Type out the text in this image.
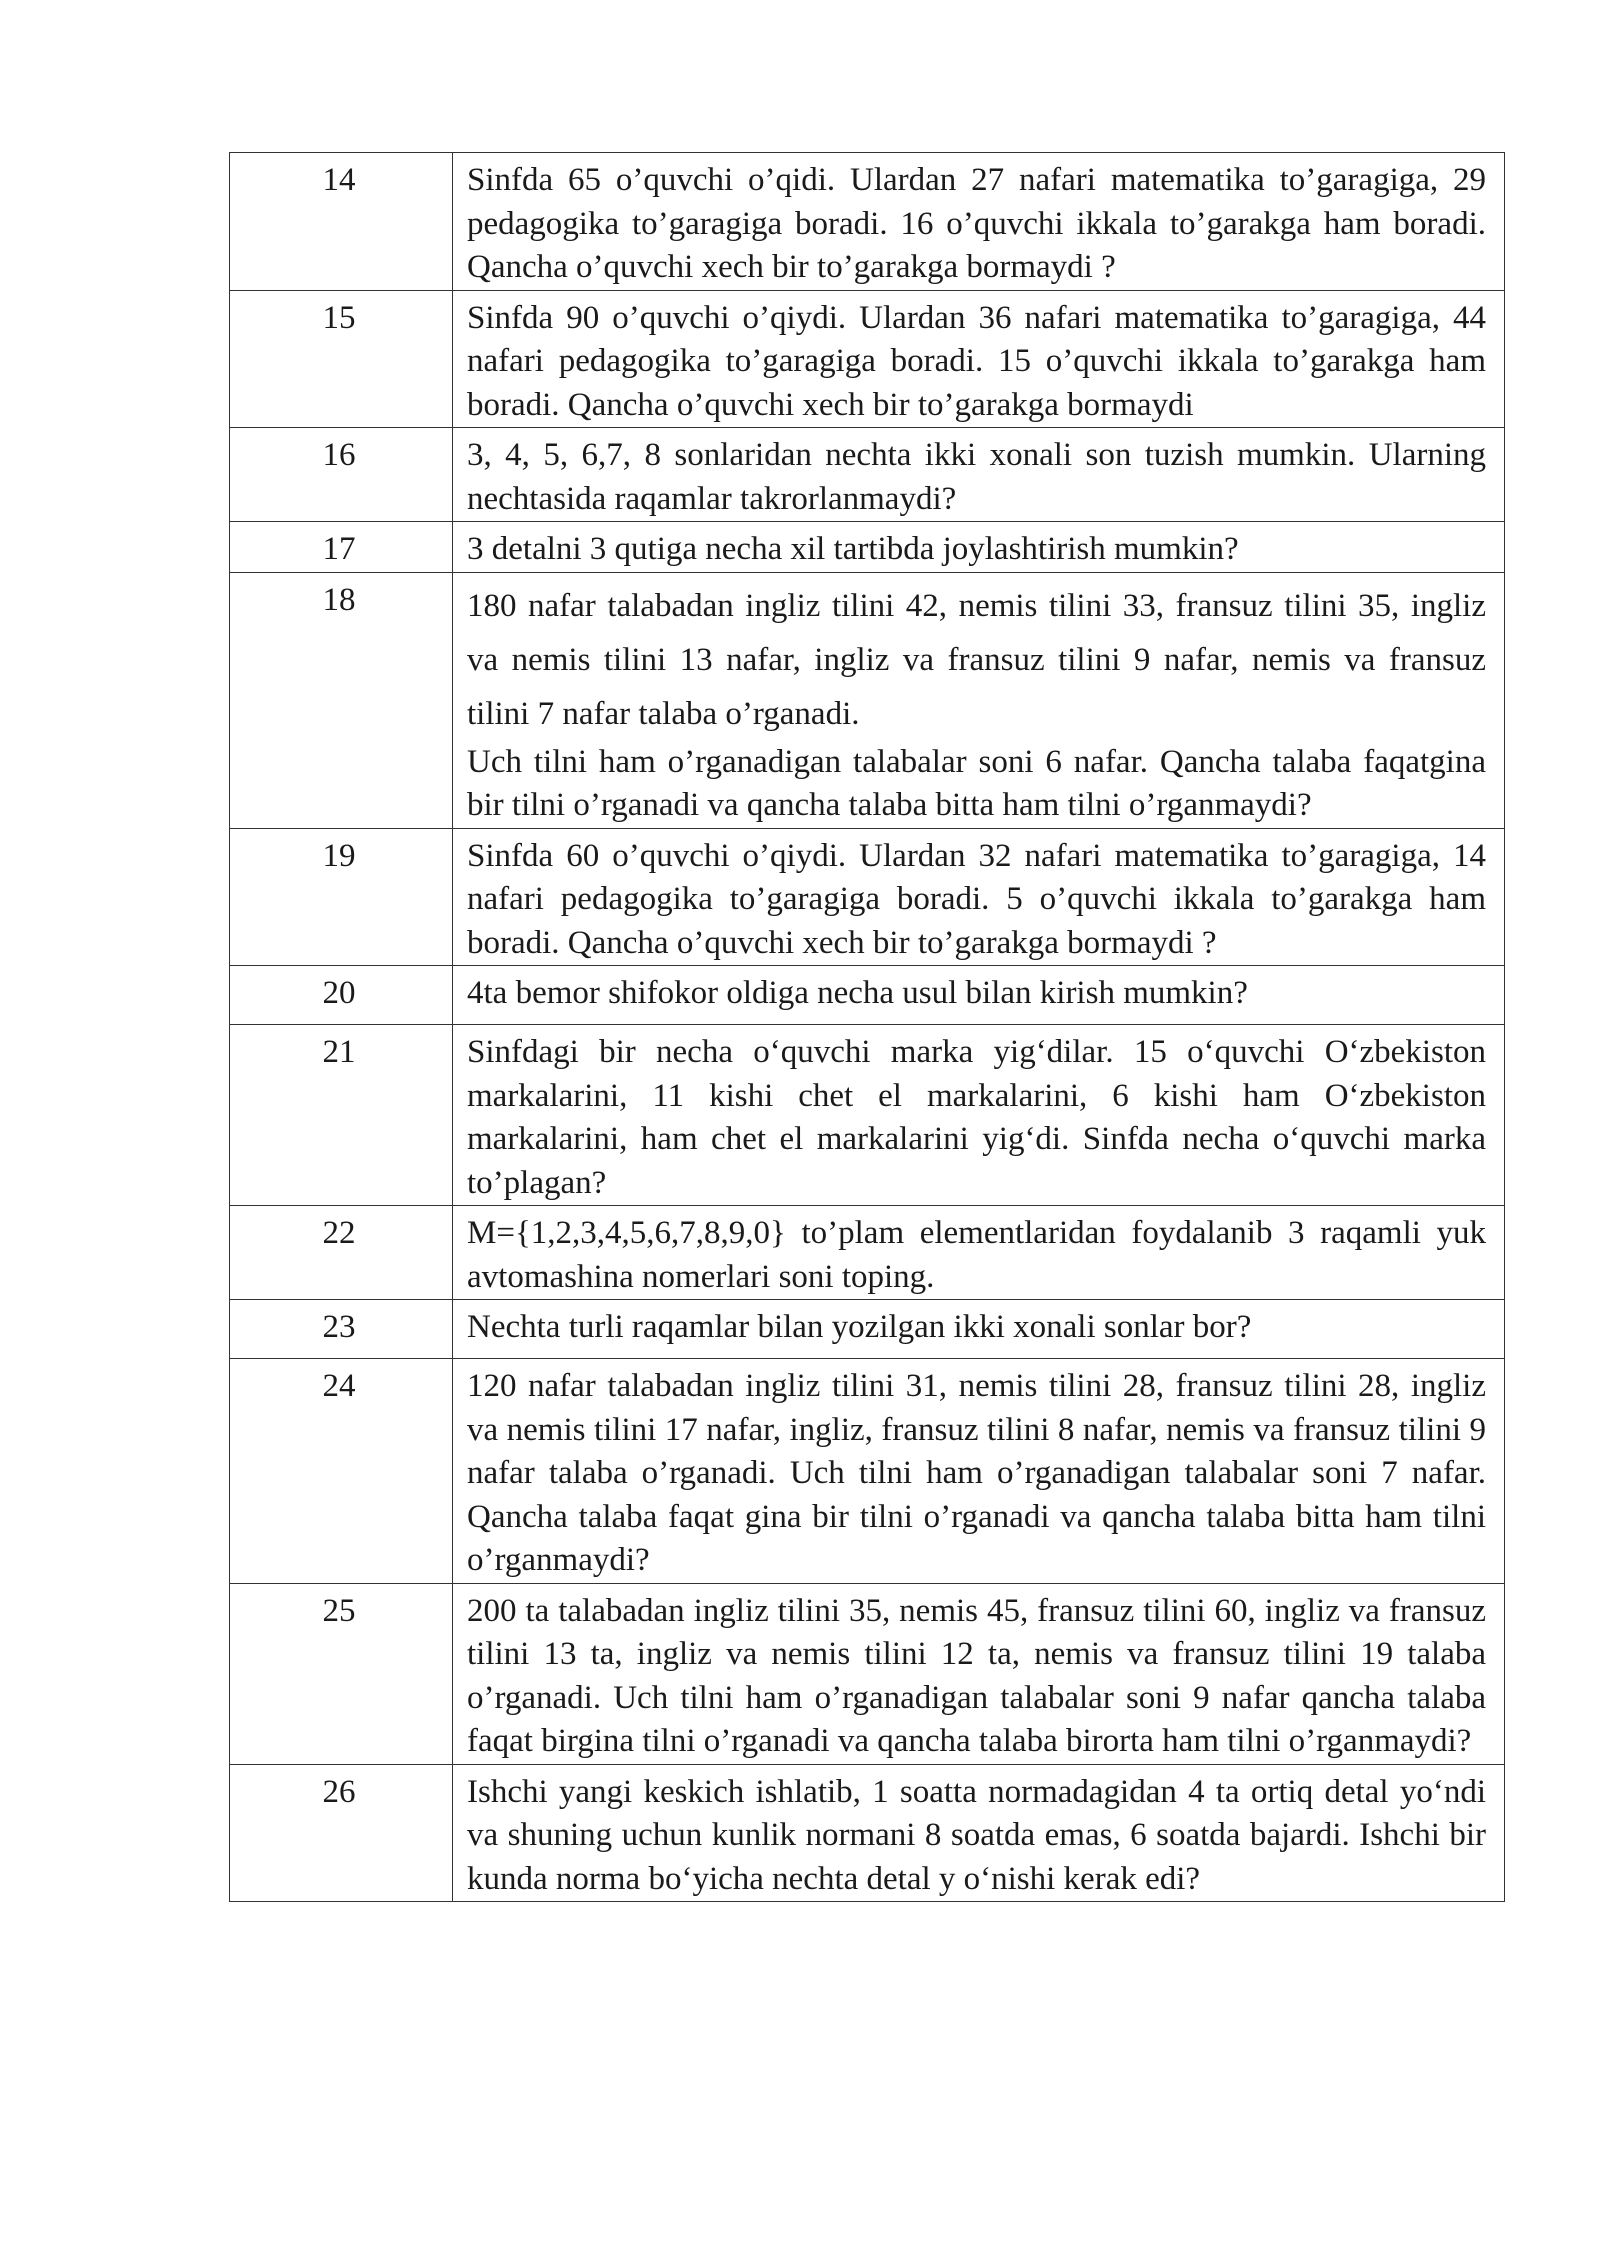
14	Sinfda 65 o’quvchi o’qidi. Ulardan 27 nafari matematika to’garagiga, 29 pedagogika to’garagiga boradi. 16 o’quvchi ikkala to’garakga ham boradi. Qancha o’quvchi xech bir to’garakga bormaydi ?

15	Sinfda 90 o’quvchi o’qiydi. Ulardan 36 nafari matematika to’garagiga, 44 nafari pedagogika to’garagiga boradi. 15 o’quvchi ikkala to’garakga ham boradi. Qancha o’quvchi xech bir to’garakga bormaydi

16	3, 4, 5, 6,7, 8 sonlaridan nechta ikki xonali son tuzish mumkin. Ularning nechtasida raqamlar takrorlanmaydi?

17	3 detalni 3 qutiga necha xil tartibda joylashtirish mumkin?

18	180 nafar talabadan ingliz tilini 42, nemis tilini 33, fransuz tilini 35, ingliz va nemis tilini 13 nafar, ingliz va fransuz tilini 9 nafar, nemis va fransuz tilini 7 nafar talaba o’rganadi.

Uch tilni ham o’rganadigan talabalar soni 6 nafar. Qancha talaba faqatgina bir tilni o’rganadi va qancha talaba bitta ham tilni o’rganmaydi?

19	Sinfda 60 o’quvchi o’qiydi. Ulardan 32 nafari matematika to’garagiga, 14 nafari pedagogika to’garagiga boradi. 5 o’quvchi ikkala to’garakga ham boradi. Qancha o’quvchi xech bir to’garakga bormaydi ?

20	4ta bemor shifokor oldiga necha usul bilan kirish mumkin?

21	Sinfdagi bir necha o‘quvchi marka yig‘dilar. 15 o‘quvchi O‘zbekiston markalarini, 11 kishi chet el markalarini, 6 kishi ham O‘zbekiston markalarini, ham chet el markalarini yig‘di. Sinfda necha o‘quvchi marka to’plagan?

22	M={1,2,3,4,5,6,7,8,9,0} to’plam elementlaridan foydalanib 3 raqamli yuk avtomashina nomerlari soni toping.

23	Nechta turli raqamlar bilan yozilgan ikki xonali sonlar bor?

24	120 nafar talabadan ingliz tilini 31, nemis tilini 28, fransuz tilini 28, ingliz va nemis tilini 17 nafar, ingliz, fransuz tilini 8 nafar, nemis va fransuz tilini 9 nafar talaba o’rganadi. Uch tilni ham o’rganadigan talabalar soni 7 nafar. Qancha talaba faqat gina bir tilni o’rganadi va qancha talaba bitta ham tilni o’rganmaydi?

25	200 ta talabadan ingliz tilini 35, nemis 45, fransuz tilini 60, ingliz va fransuz tilini 13 ta, ingliz va nemis tilini 12 ta, nemis va fransuz tilini 19 talaba o’rganadi. Uch tilni ham o’rganadigan talabalar soni 9 nafar qancha talaba faqat birgina tilni o’rganadi va qancha talaba birorta ham tilni o’rganmaydi?

26	Ishchi yangi keskich ishlatib, 1 soatta normadagidan 4 ta ortiq detal yo‘ndi va shuning uchun kunlik normani 8 soatda emas, 6 soatda bajardi. Ishchi bir kunda norma bo‘yicha nechta detal y o‘nishi kerak edi?
